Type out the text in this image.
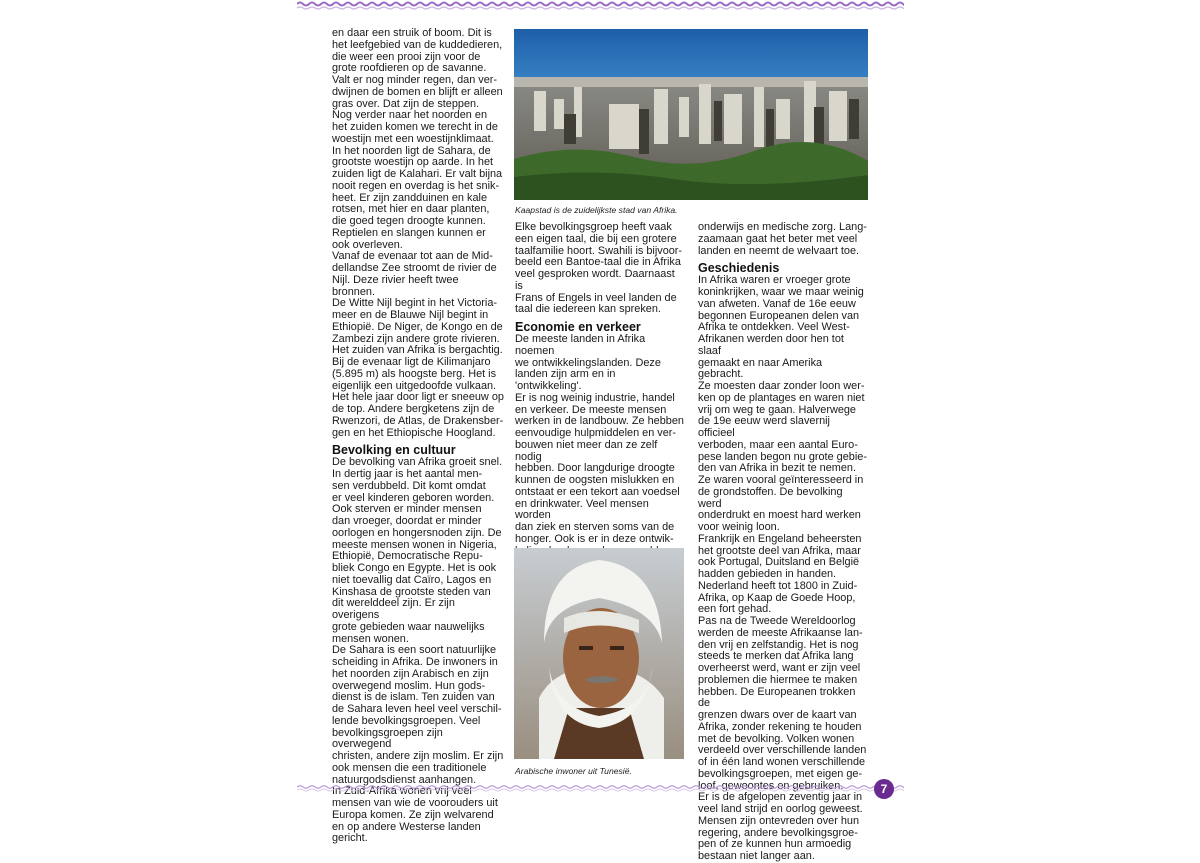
en daar een struik of boom. Dit is
het leefgebied van de kuddedieren,
die weer een prooi zijn voor de
grote roofdieren op de savanne.
Valt er nog minder regen, dan ver-
dwijnen de bomen en blijft er alleen
gras over. Dat zijn de steppen.
Nog verder naar het noorden en
het zuiden komen we terecht in de
woestijn met een woestijnklimaat.
In het noorden ligt de Sahara, de
grootste woestijn op aarde. In het
zuiden ligt de Kalahari. Er valt bijna
nooit regen en overdag is het snik-
heet. Er zijn zandduinen en kale
rotsen, met hier en daar planten,
die goed tegen droogte kunnen.
Reptielen en slangen kunnen er
ook overleven.
Vanaf de evenaar tot aan de Mid-
dellandse Zee stroomt de rivier de
Nijl. Deze rivier heeft twee bronnen.
De Witte Nijl begint in het Victoria-
meer en de Blauwe Nijl begint in
Ethiopië. De Niger, de Kongo en de
Zambezi zijn andere grote rivieren.
Het zuiden van Afrika is bergachtig.
Bij de evenaar ligt de Kilimanjaro
(5.895 m) als hoogste berg. Het is
eigenlijk een uitgedoofde vulkaan.
Het hele jaar door ligt er sneeuw op
de top. Andere bergketens zijn de
Rwenzori, de Atlas, de Drakensber-
gen en het Ethiopische Hoogland.

Bevolking en cultuur

De bevolking van Afrika groeit snel.
In dertig jaar is het aantal men-
sen verdubbeld. Dit komt omdat
er veel kinderen geboren worden.
Ook sterven er minder mensen
dan vroeger, doordat er minder
oorlogen en hongersnoden zijn. De
meeste mensen wonen in Nigeria,
Ethiopië, Democratische Repu-
bliek Congo en Egypte. Het is ook
niet toevallig dat Caïro, Lagos en
Kinshasa de grootste steden van
dit werelddeel zijn. Er zijn overigens
grote gebieden waar nauwelijks
mensen wonen.
De Sahara is een soort natuurlijke
scheiding in Afrika. De inwoners in
het noorden zijn Arabisch en zijn
overwegend moslim. Hun gods-
dienst is de islam. Ten zuiden van
de Sahara leven heel veel verschil-
lende bevolkingsgroepen. Veel
bevolkingsgroepen zijn overwegend
christen, andere zijn moslim. Er zijn
ook mensen die een traditionele
natuurgodsdienst aanhangen.
In Zuid-Afrika wonen vrij veel
mensen van wie de voorouders uit
Europa komen. Ze zijn welvarend
en op andere Westerse landen
gericht.

Kaapstad is de zuidelijkste stad van Afrika.

Elke bevolkingsgroep heeft vaak
een eigen taal, die bij een grotere
taalfamilie hoort. Swahili is bijvoor-
beeld een Bantoe-taal die in Afrika
veel gesproken wordt. Daarnaast is
Frans of Engels in veel landen de
taal die iedereen kan spreken.

Economie en verkeer

De meeste landen in Afrika noemen
we ontwikkelingslanden. Deze
landen zijn arm en in 'ontwikkeling'.
Er is nog weinig industrie, handel
en verkeer. De meeste mensen
werken in de landbouw. Ze hebben
eenvoudige hulpmiddelen en ver-
bouwen niet meer dan ze zelf nodig
hebben. Door langdurige droogte
kunnen de oogsten mislukken en
ontstaat er een tekort aan voedsel
en drinkwater. Veel mensen worden
dan ziek en sterven soms van de
honger. Ook is er in deze ontwik-

Arabische inwoner uit Tunesië.

onderwijs en medische zorg. Lang-
zaamaan gaat het beter met veel
landen en neemt de welvaart toe.

Geschiedenis

In Afrika waren er vroeger grote
koninkrijken, waar we maar weinig
van afweten. Vanaf de 16e eeuw
begonnen Europeanen delen van
Afrika te ontdekken. Veel West-
Afrikanen werden door hen tot slaaf
gemaakt en naar Amerika gebracht.
Ze moesten daar zonder loon wer-
ken op de plantages en waren niet
vrij om weg te gaan. Halverwege
de 19e eeuw werd slavernij officieel
verboden, maar een aantal Euro-
pese landen begon nu grote gebie-
den van Afrika in bezit te nemen.
Ze waren vooral geïnteresseerd in
de grondstoffen. De bevolking werd
onderdrukt en moest hard werken
voor weinig loon.
Frankrijk en Engeland beheersten
het grootste deel van Afrika, maar
ook Portugal, Duitsland en België
hadden gebieden in handen.
Nederland heeft tot 1800 in Zuid-
Afrika, op Kaap de Goede Hoop,
een fort gehad.
Pas na de Tweede Wereldoorlog
werden de meeste Afrikaanse lan-
den vrij en zelfstandig. Het is nog
steeds te merken dat Afrika lang
overheerst werd, want er zijn veel
problemen die hiermee te maken
hebben. De Europeanen trokken de
grenzen dwars over de kaart van
Afrika, zonder rekening te houden
met de bevolking. Volken wonen
verdeeld over verschillende landen
of in één land wonen verschillende
bevolkingsgroepen, met eigen ge-
loof, gewoontes en gebruiken.
Er is de afgelopen zeventig jaar in
veel land strijd en oorlog geweest.
Mensen zijn ontevreden over hun
regering, andere bevolkingsgroe-
pen of ze kunnen hun armoedig
bestaan niet langer aan.

7
